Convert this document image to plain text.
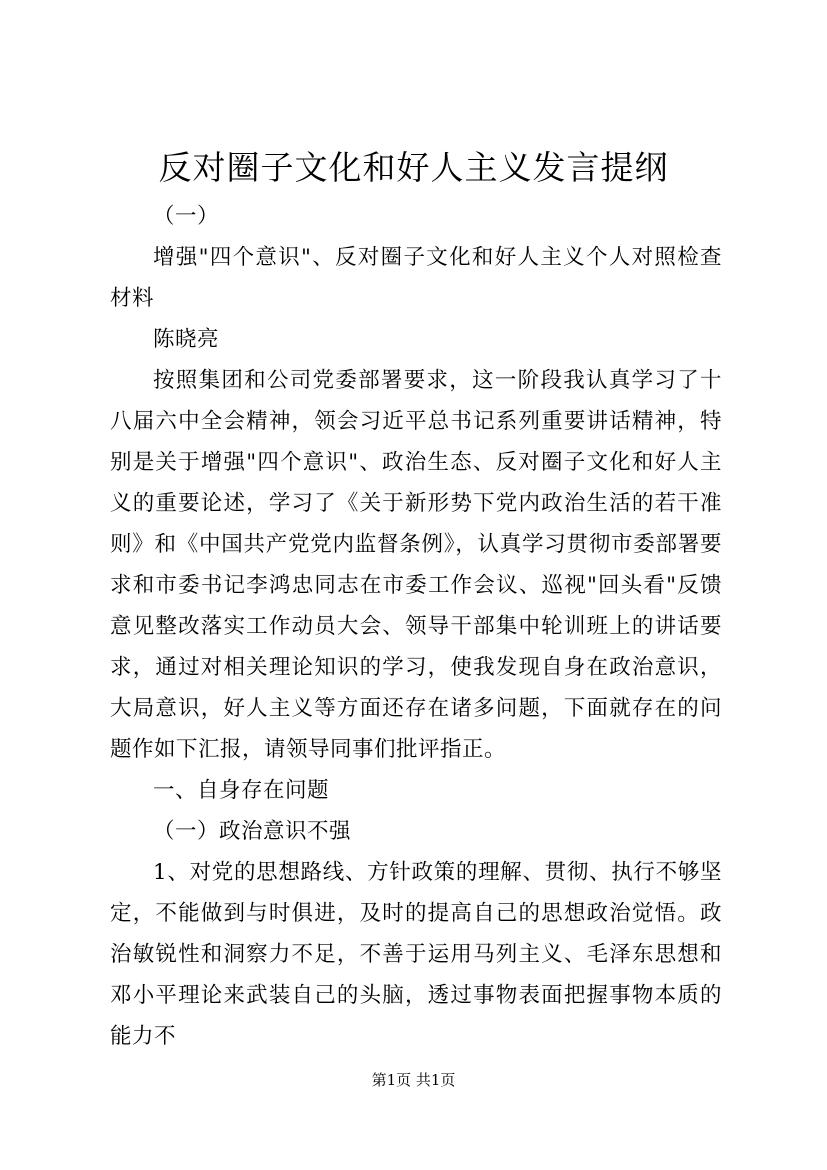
反对圈子文化和好人主义发言提纲

（一）

增强"四个意识"、反对圈子文化和好人主义个人对照检查材料

陈晓亮

按照集团和公司党委部署要求，这一阶段我认真学习了十八届六中全会精神，领会习近平总书记系列重要讲话精神，特别是关于增强"四个意识"、政治生态、反对圈子文化和好人主义的重要论述，学习了《关于新形势下党内政治生活的若干准则》和《中国共产党党内监督条例》，认真学习贯彻市委部署要求和市委书记李鸿忠同志在市委工作会议、巡视"回头看"反馈意见整改落实工作动员大会、领导干部集中轮训班上的讲话要求，通过对相关理论知识的学习，使我发现自身在政治意识，大局意识，好人主义等方面还存在诸多问题，下面就存在的问题作如下汇报，请领导同事们批评指正。

一、自身存在问题

（一）政治意识不强

1、对党的思想路线、方针政策的理解、贯彻、执行不够坚定，不能做到与时俱进，及时的提高自己的思想政治觉悟。政治敏锐性和洞察力不足，不善于运用马列主义、毛泽东思想和邓小平理论来武装自己的头脑，透过事物表面把握事物本质的能力不

第1页 共1页
